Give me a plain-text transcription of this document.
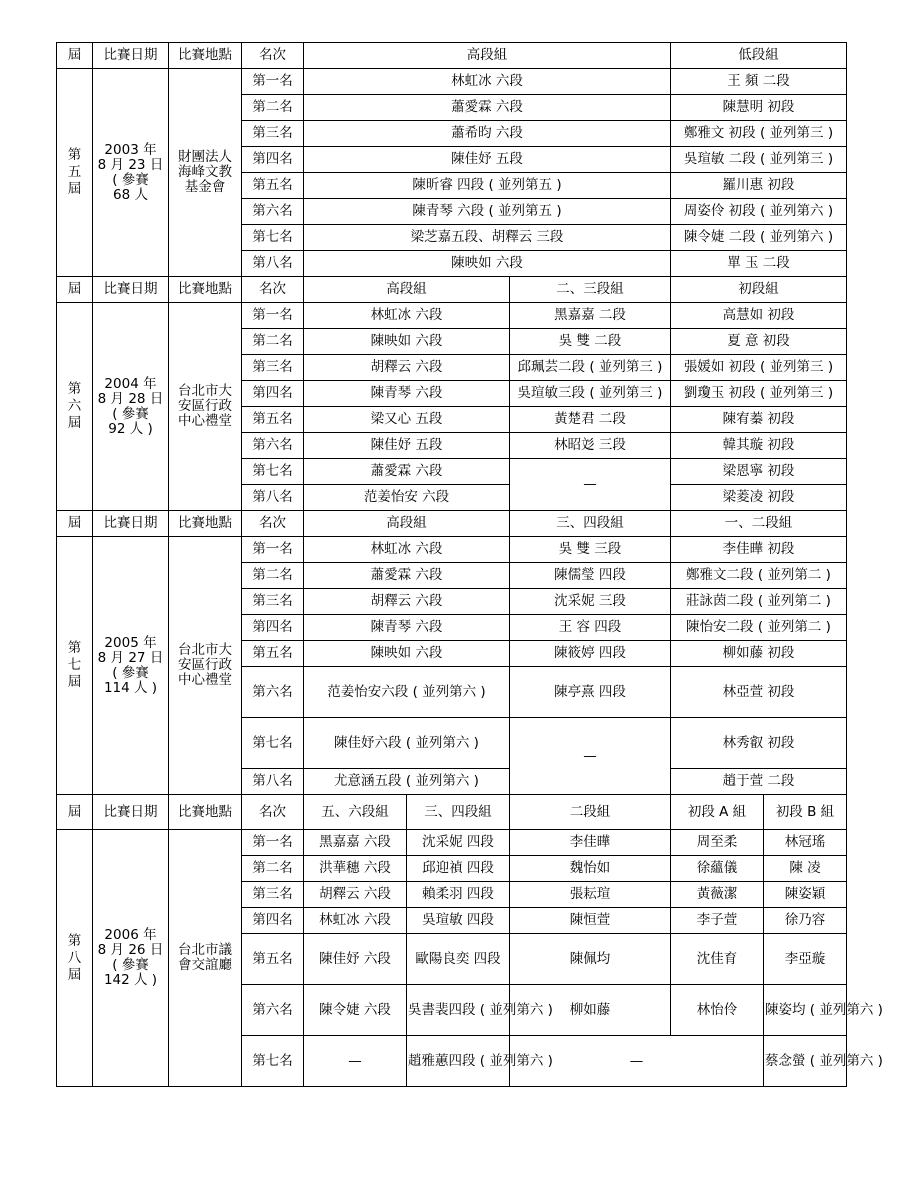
屆	比賽日期	比賽地點	名次	高段組			低段組	
第五屆	2003 年
8 月 23 日
( 參賽
68 人	財團法人
海峰文教
基金會	第一名	林虹冰 六段			王 頻 二段	
			第二名	蕭愛霖 六段			陳慧明 初段	
			第三名	蕭希昀 六段			鄭雅文 初段 ( 並列第三 )	
			第四名	陳佳妤 五段			吳瑄敏 二段 ( 並列第三 )	
			第五名	陳昕睿 四段 ( 並列第五 )			羅川惠 初段	
			第六名	陳青琴 六段 ( 並列第五 )			周姿伶 初段 ( 並列第六 )	
			第七名	梁芝嘉五段、胡釋云 三段			陳令婕 二段 ( 並列第六 )	
			第八名	陳映如 六段			單 玉 二段	
屆	比賽日期	比賽地點	名次	高段組		二、三段組	初段組	
第六屆	2004 年
8 月 28 日
( 參賽
92 人 )	台北市大
安區行政
中心禮堂	第一名	林虹冰 六段		黑嘉嘉 二段	高慧如 初段	
			第二名	陳映如 六段		吳 雙 二段	夏 意 初段	
			第三名	胡釋云 六段		邱珮芸二段 ( 並列第三 )	張媛如 初段 ( 並列第三 )	
			第四名	陳青琴 六段		吳瑄敏三段 ( 並列第三 )	劉瓊玉 初段 ( 並列第三 )	
			第五名	梁又心 五段		黃楚君 二段	陳宥蓁 初段	
			第六名	陳佳妤 五段		林昭彣 三段	韓其璇 初段	
			第七名	蕭愛霖 六段		—	梁恩寧 初段	
			第八名	范姜怡安 六段			梁菱凌 初段	
屆	比賽日期	比賽地點	名次	高段組		三、四段組	一、二段組	
第七屆	2005 年
8 月 27 日
( 參賽
114 人 )	台北市大
安區行政
中心禮堂	第一名	林虹冰 六段		吳 雙 三段	李佳曄 初段	
			第二名	蕭愛霖 六段		陳儒瑩 四段	鄭雅文二段 ( 並列第二 )	
			第三名	胡釋云 六段		沈采妮 三段	莊詠茵二段 ( 並列第二 )	
			第四名	陳青琴 六段		王 容 四段	陳怡安二段 ( 並列第二 )	
			第五名	陳映如 六段		陳筱婷 四段	柳如藤 初段	
			第六名	范姜怡安六段 ( 並列第六 )		陳亭熹 四段	林亞萱 初段	
			第七名	陳佳妤六段 ( 並列第六 )		—	林秀叡 初段	
			第八名	尤意涵五段 ( 並列第六 )			趙于萱 二段	
屆	比賽日期	比賽地點	名次	五、六段組	三、四段組	二段組	初段 A 組	初段 B 組
第八屆	2006 年
8 月 26 日
( 參賽
142 人 )	台北市議
會交誼廳	第一名	黑嘉嘉 六段	沈采妮 四段	李佳曄	周至柔	林冠瑤
			第二名	洪華穗 六段	邱迎禎 四段	魏怡如	徐蘊儀	陳 凌
			第三名	胡釋云 六段	賴柔羽 四段	張耘瑄	黃薇潔	陳姿穎
			第四名	林虹冰 六段	吳瑄敏 四段	陳恒萱	李子萱	徐乃容
			第五名	陳佳妤 六段	歐陽良奕 四段	陳佩均	沈佳育	李亞璇
			第六名	陳令婕 六段	吳書裴四段 ( 並列第六 )	柳如藤	林怡伶	陳姿均 ( 並列第六 )
			第七名	—	趙雅蕙四段 ( 並列第六 )	—		蔡念螢 ( 並列第六 )
